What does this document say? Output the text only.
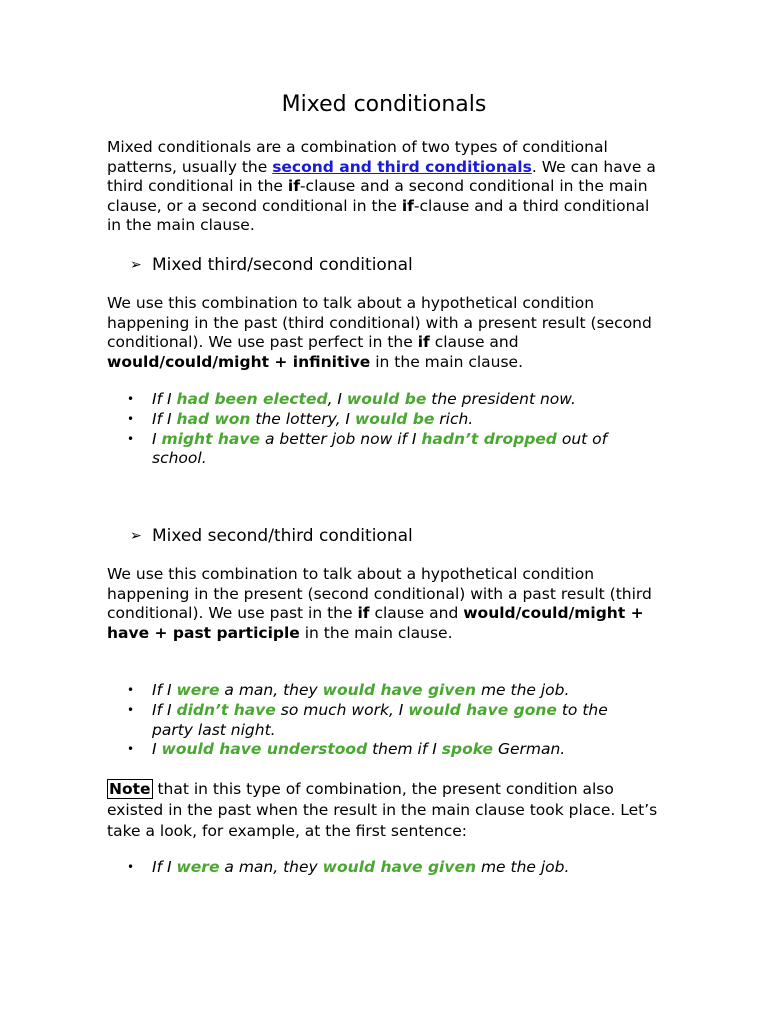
Mixed conditionals

Mixed conditionals are a combination of two types of conditional patterns, usually the second and third conditionals. We can have a third conditional in the if-clause and a second conditional in the main clause, or a second conditional in the if-clause and a third conditional in the main clause.

➢ Mixed third/second conditional

We use this combination to talk about a hypothetical condition happening in the past (third conditional) with a present result (second conditional). We use past perfect in the if clause and would/could/might + infinitive in the main clause.

• If I had been elected, I would be the president now.
• If I had won the lottery, I would be rich.
• I might have a better job now if I hadn’t dropped out of school.
➢ Mixed second/third conditional

We use this combination to talk about a hypothetical condition happening in the present (second conditional) with a past result (third conditional). We use past in the if clause and would/could/might + have + past participle in the main clause.

• If I were a man, they would have given me the job.
• If I didn’t have so much work, I would have gone to the party last night.
• I would have understood them if I spoke German.

Note that in this type of combination, the present condition also existed in the past when the result in the main clause took place. Let’s take a look, for example, at the first sentence:

• If I were a man, they would have given me the job.
